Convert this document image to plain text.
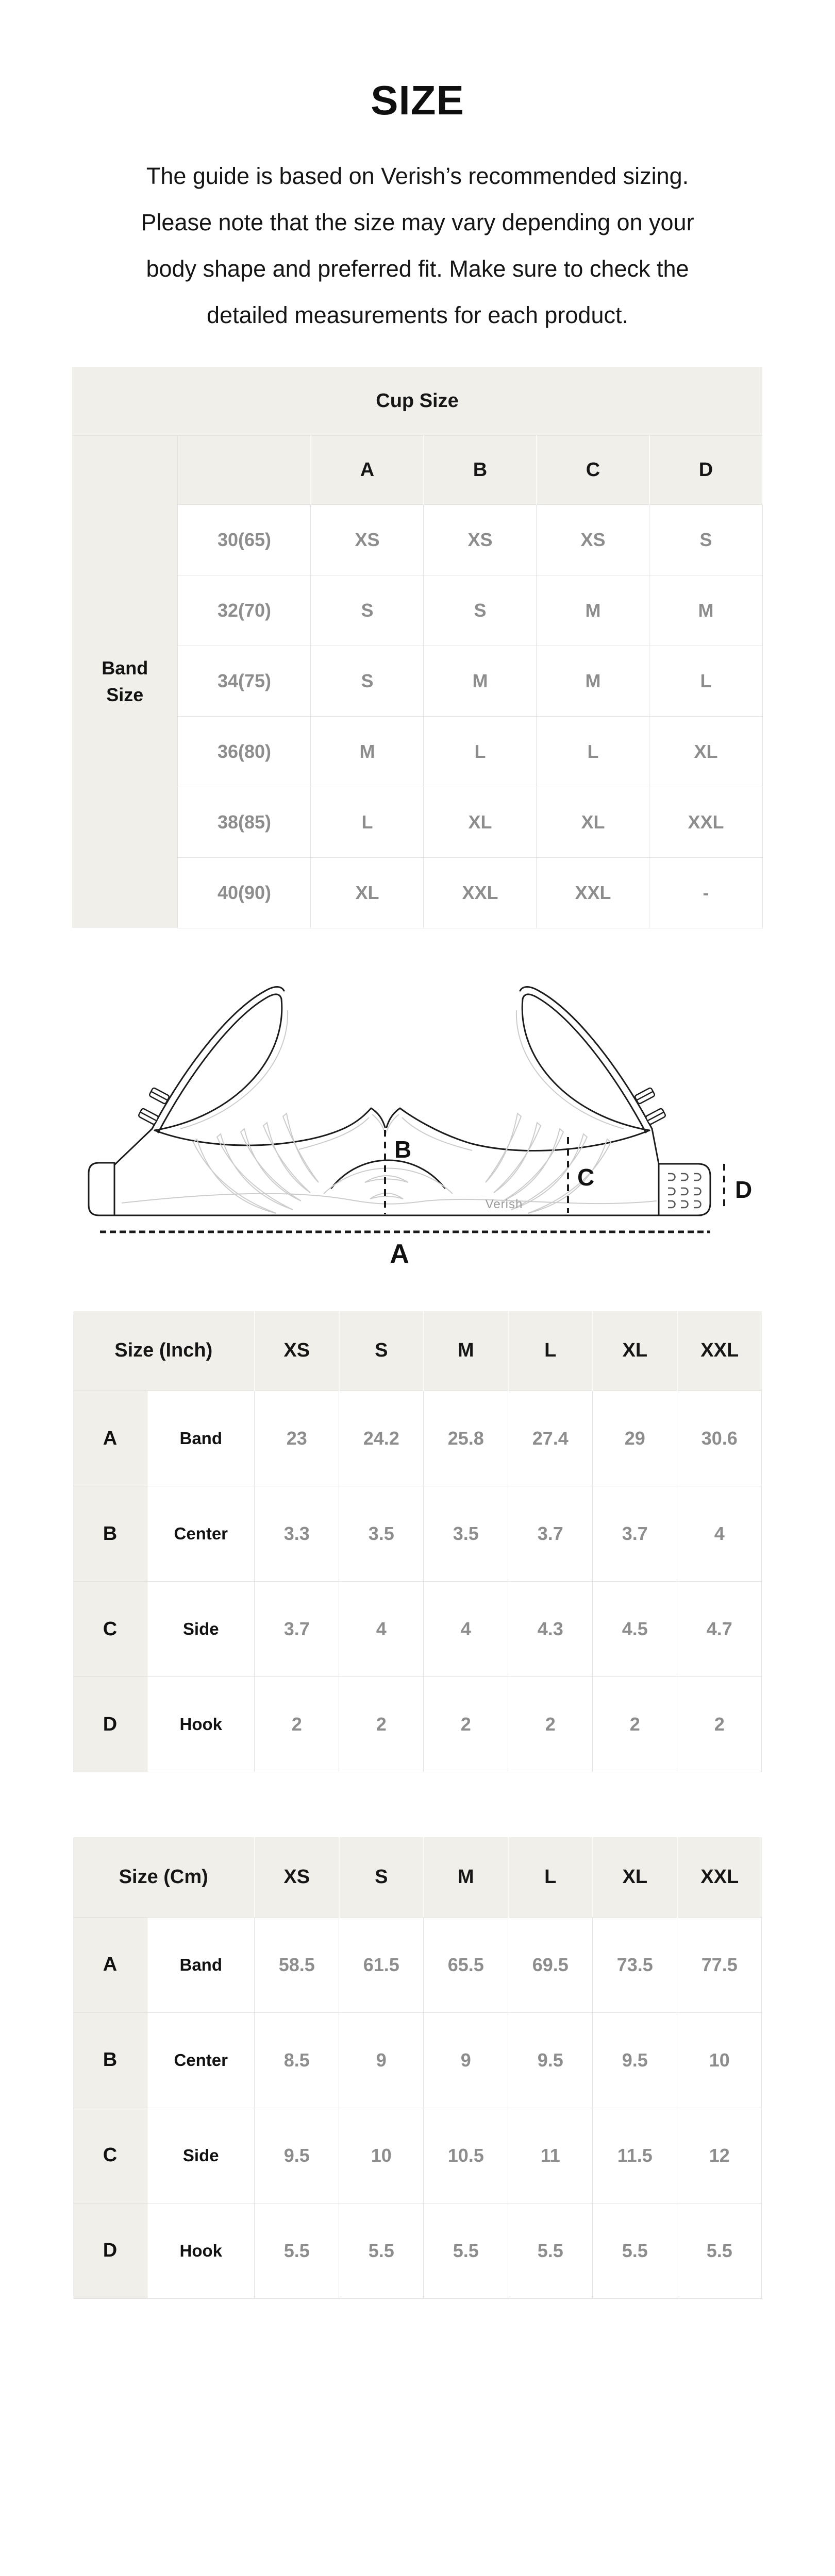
SIZE
The guide is based on Verish’s recommended sizing.
Please note that the size may vary depending on your
body shape and preferred fit. Make sure to check the
detailed measurements for each product.
Cup Size					
Band Size		A	B	C	D
	30(65)	XS	XS	XS	S
	32(70)	S	S	M	M
	34(75)	S	M	M	L
	36(80)	M	L	L	XL
	38(85)	L	XL	XL	XXL
	40(90)	XL	XXL	XXL	-
B
C	D
A
Verish
Size (Inch)		XS	S	M	L	XL	XXL
A	Band	23	24.2	25.8	27.4	29	30.6
B	Center	3.3	3.5	3.5	3.7	3.7	4
C	Side	3.7	4	4	4.3	4.5	4.7
D	Hook	2	2	2	2	2	2
Size (Cm)		XS	S	M	L	XL	XXL
A	Band	58.5	61.5	65.5	69.5	73.5	77.5
B	Center	8.5	9	9	9.5	9.5	10
C	Side	9.5	10	10.5	11	11.5	12
D	Hook	5.5	5.5	5.5	5.5	5.5	5.5
